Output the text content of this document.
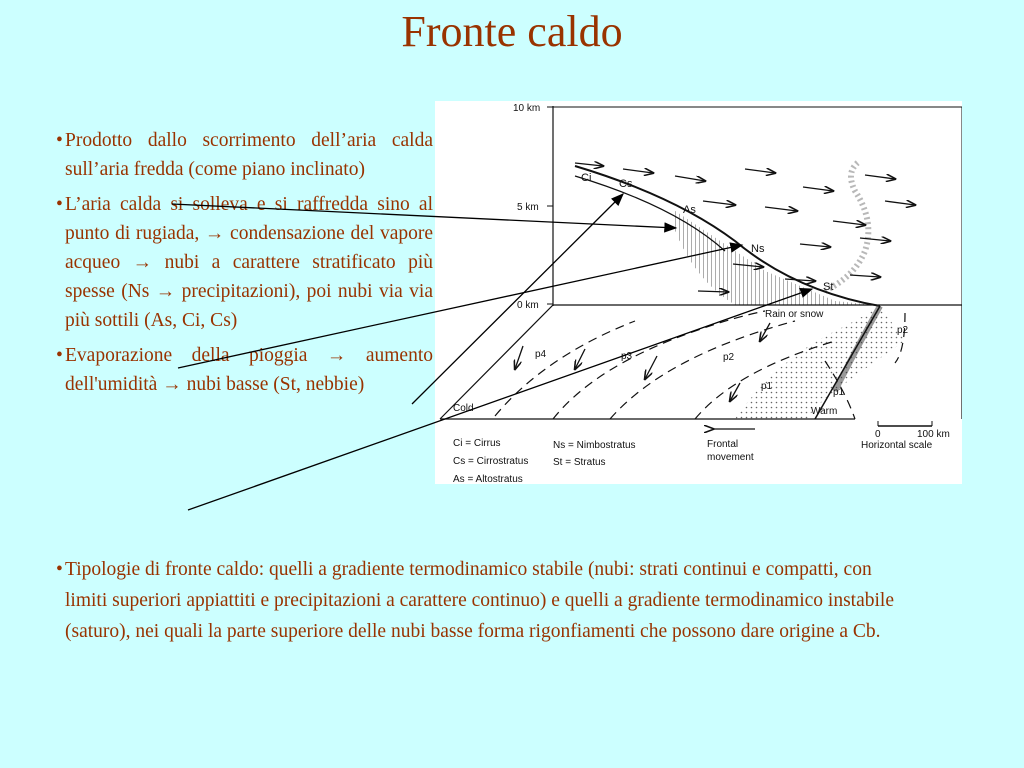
Fronte caldo
• Prodotto dallo scorrimento dell’aria calda sull’aria fredda (come piano inclinato)
• L’aria calda si solleva e si raffredda sino al punto di rugiada, → condensazione del vapore acqueo → nubi a carattere stratificato più spesse (Ns → precipitazioni), poi nubi via via più sottili (As, Ci, Cs)
• Evaporazione della pioggia → aumento dell'umidità → nubi basse (St, nebbie)
10 km
5 km
0 km
Ci	Cs
As
Ns
St
Rain or snow
p4	p3	p2
p1
p2
p1
Cold	Warm
Ci = Cirrus
Cs = Cirrostratus
As = Altostratus
Ns = Nimbostratus
St = Stratus
Frontal
movement
0	100 km
Horizontal scale
• Tipologie di fronte caldo: quelli a gradiente termodinamico stabile (nubi: strati continui e compatti, con limiti superiori appiattiti e precipitazioni a carattere continuo) e quelli a gradiente termodinamico instabile (saturo), nei quali la parte superiore delle nubi basse forma rigonfiamenti che possono dare origine a Cb.
